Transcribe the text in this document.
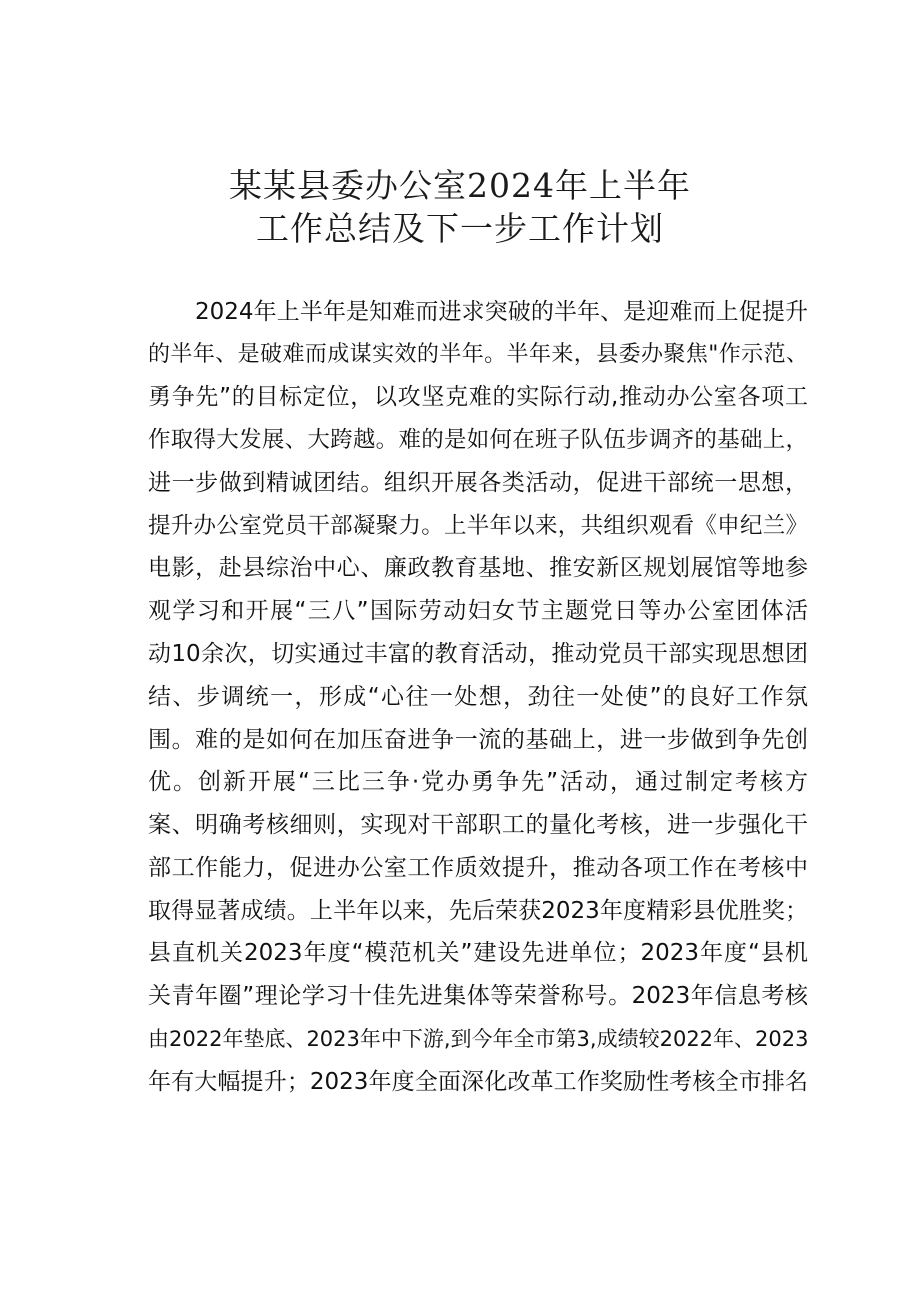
某某县委办公室2024年上半年
工作总结及下一步工作计划
2024年上半年是知难而进求突破的半年、是迎难而上促提升
的半年、是破难而成谋实效的半年。半年来，县委办聚焦"作示范、
勇争先”的目标定位，以攻坚克难的实际行动,推动办公室各项工
作取得大发展、大跨越。难的是如何在班子队伍步调齐的基础上，
进一步做到精诚团结。组织开展各类活动，促进干部统一思想，
提升办公室党员干部凝聚力。上半年以来，共组织观看《申纪兰》
电影，赴县综治中心、廉政教育基地、推安新区规划展馆等地参
观学习和开展“三八”国际劳动妇女节主题党日等办公室团体活
动10余次，切实通过丰富的教育活动，推动党员干部实现思想团
结、步调统一，形成“心往一处想，劲往一处使”的良好工作氛
围。难的是如何在加压奋进争一流的基础上，进一步做到争先创
优。创新开展“三比三争·党办勇争先”活动，通过制定考核方
案、明确考核细则，实现对干部职工的量化考核，进一步强化干
部工作能力，促进办公室工作质效提升，推动各项工作在考核中
取得显著成绩。上半年以来，先后荣获2023年度精彩县优胜奖；
县直机关2023年度“模范机关”建设先进单位；2023年度“县机
关青年圈”理论学习十佳先进集体等荣誉称号。2023年信息考核
由2022年垫底、2023年中下游,到今年全市第3,成绩较2022年、2023
年有大幅提升；2023年度全面深化改革工作奖励性考核全市排名
